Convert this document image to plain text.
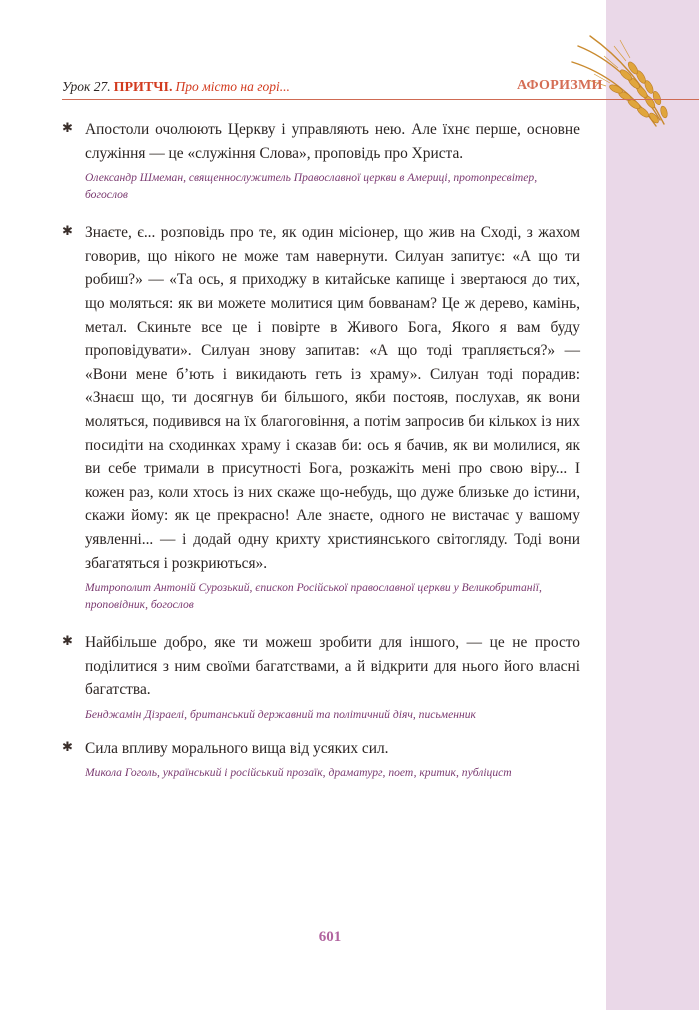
Урок 27. ПРИТЧІ. Про місто на горі...	АФОРИЗМИ
✱ Апостоли очолюють Церкву і управляють нею. Але їхнє перше, основне служіння — це «служіння Слова», проповідь про Христа.

Олександр Шмеман, священнослужитель Православної церкви в Америці, протопресвітер, богослов

✱ Знаєте, є... розповідь про те, як один місіонер, що жив на Сході, з жахом говорив, що нікого не може там навернути. Силуан запитує: «А що ти робиш?» — «Та ось, я приходжу в китайське капище і звертаюся до тих, що моляться: як ви можете молитися цим бовванам? Це ж дерево, камінь, метал. Скиньте все це і повірте в Живого Бога, Якого я вам буду проповідувати». Силуан знову запитав: «А що тоді трапляється?» — «Вони мене б’ють і викидають геть із храму». Силуан тоді порадив: «Знаєш що, ти досягнув би більшого, якби постояв, послухав, як вони моляться, подивився на їх благоговіння, а потім запросив би кількох із них посидіти на сходинках храму і сказав би: ось я бачив, як ви молилися, як ви себе тримали в присутності Бога, розкажіть мені про свою віру... І кожен раз, коли хтось із них скаже що-небудь, що дуже близьке до істини, скажи йому: як це прекрасно! Але знаєте, одного не вистачає у вашому уявленні... — і додай одну крихту християнського світогляду. Тоді вони збагатяться і розкриються».

Митрополит Антоній Сурозький, єпископ Російської православної церкви у Великобританії, проповідник, богослов

✱ Найбільше добро, яке ти можеш зробити для іншого, — це не просто поділитися з ним своїми багатствами, а й відкрити для нього його власні багатства.

Бенджамін Дізраелі, британський державний та політичний діяч, письменник

✱ Сила впливу морального вища від усяких сил.

Микола Гоголь, український і російський прозаїк, драматург, поет, критик, публіцист

601
